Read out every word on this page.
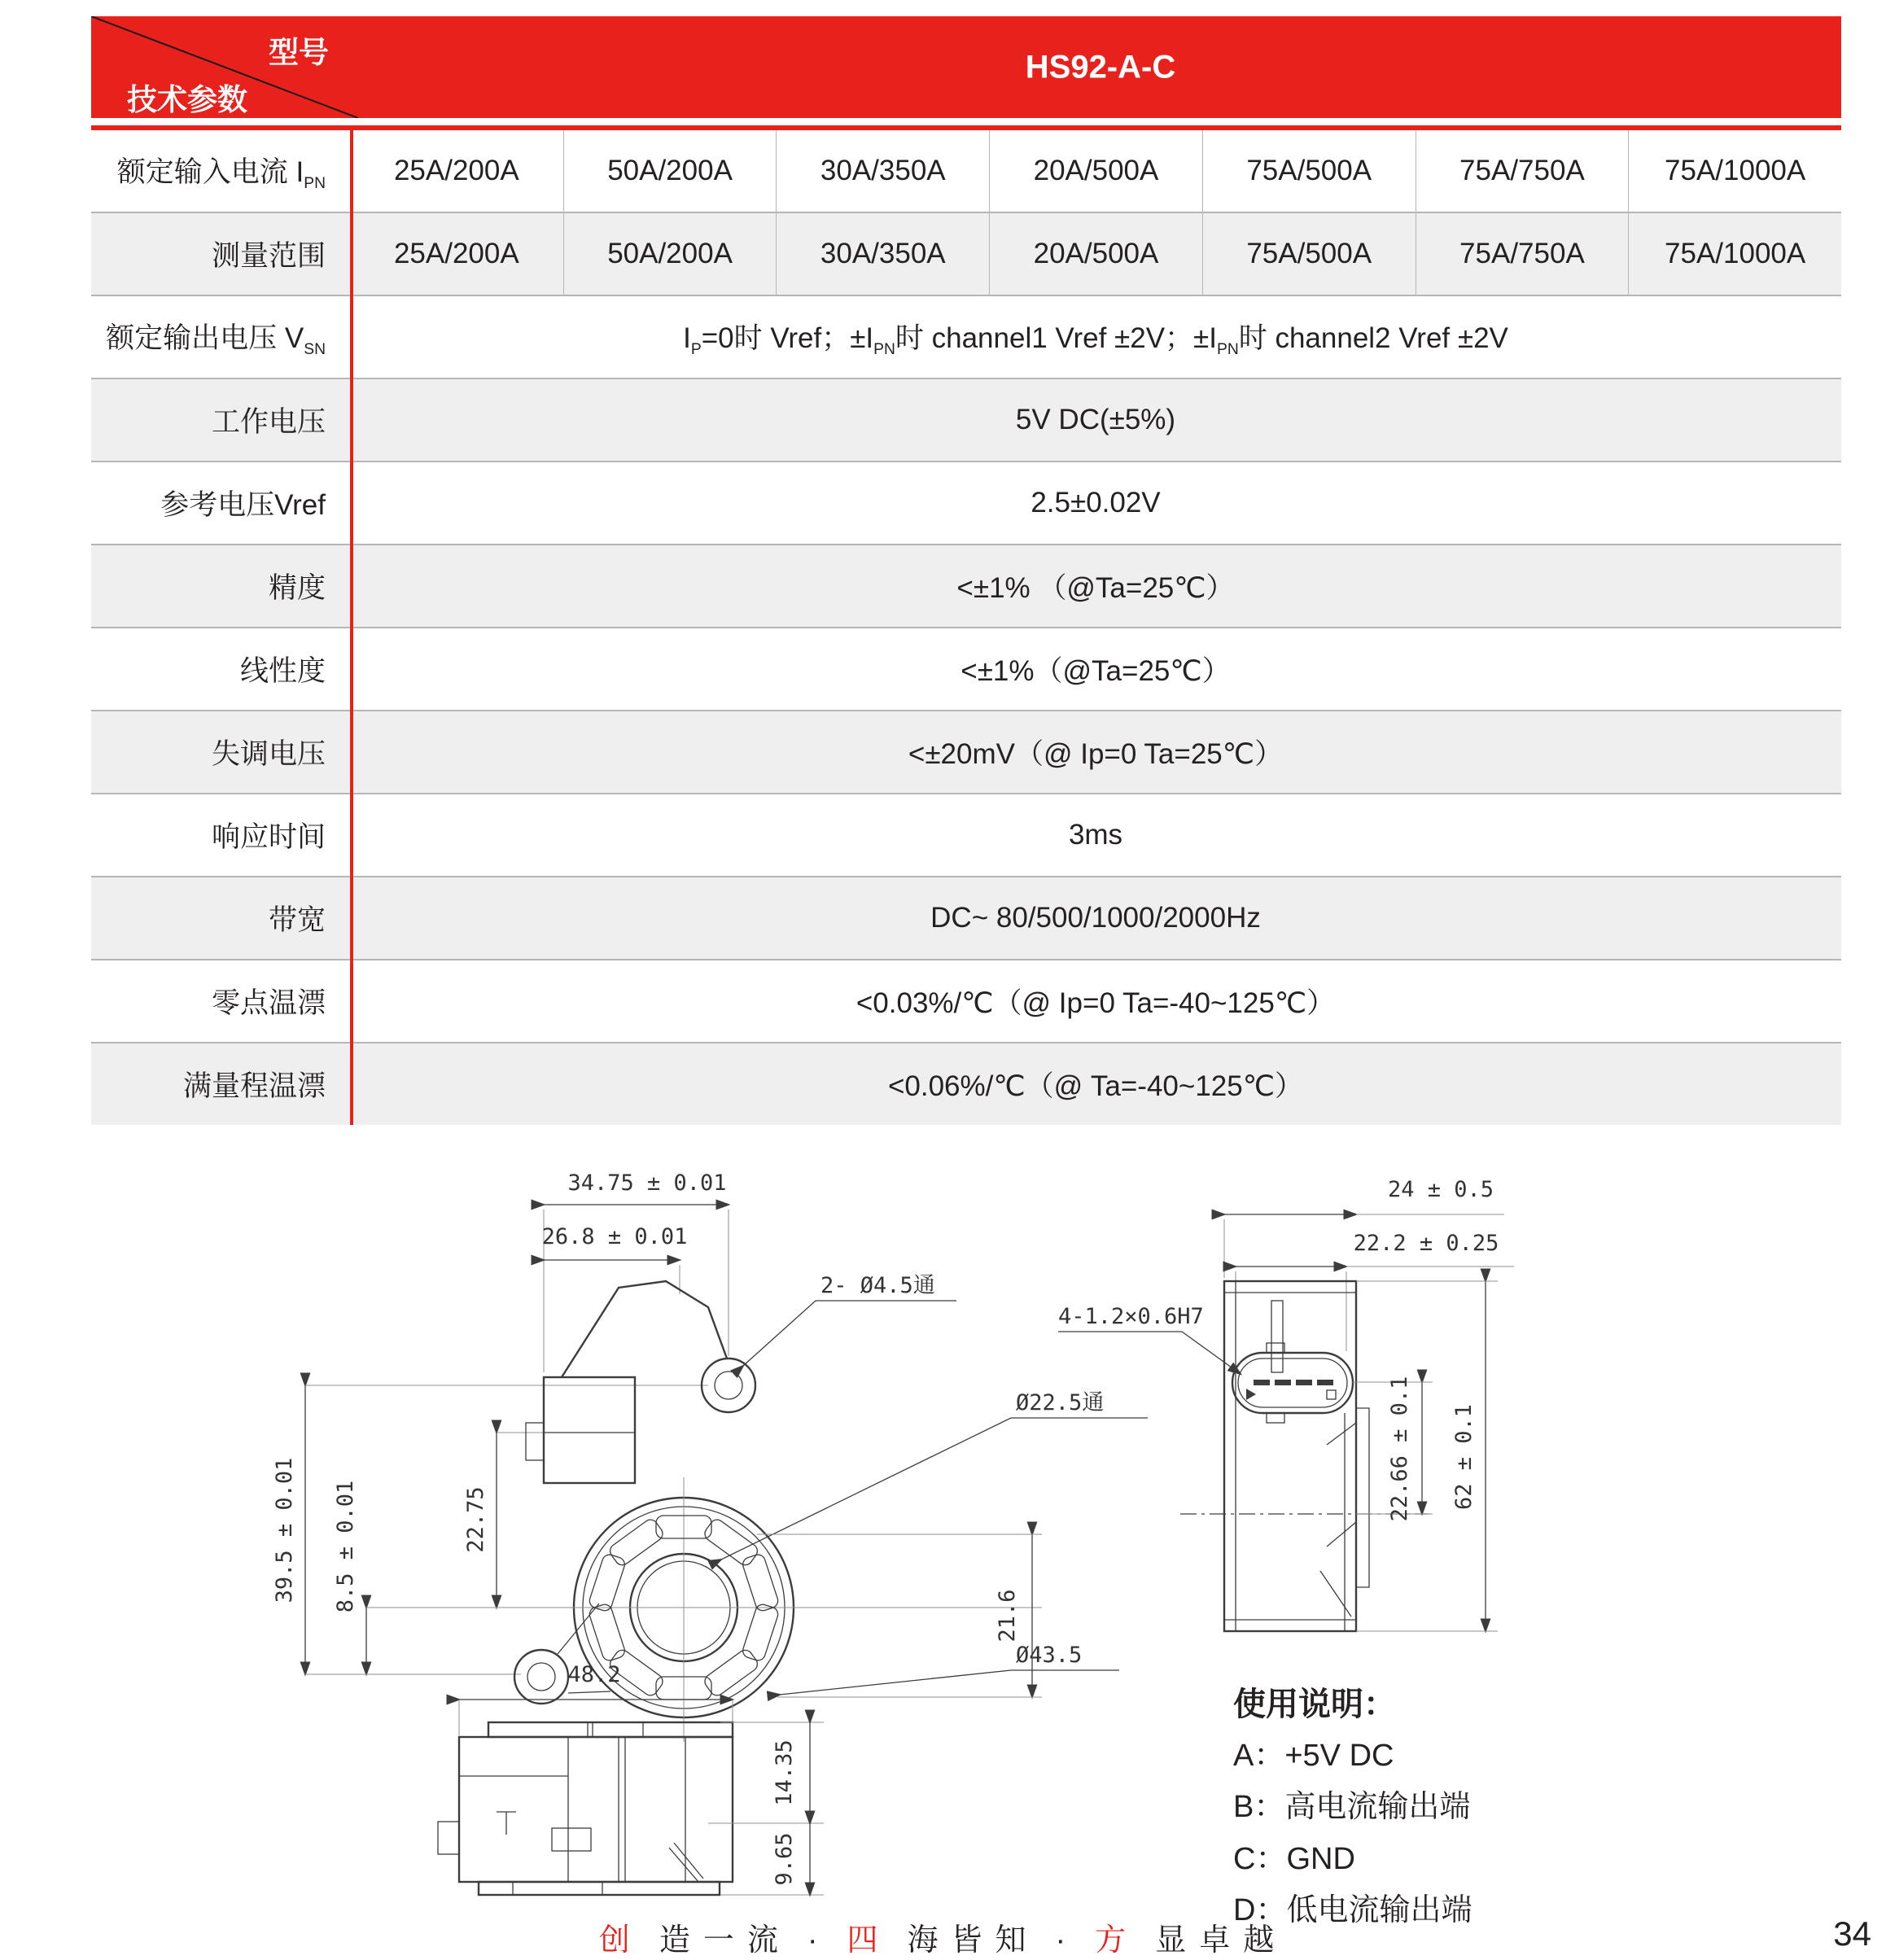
型号
技术参数
HS92-A-C
额定输入电流 $I_{PN}$	25A/200A	50A/200A	30A/350A	20A/500A	75A/500A	75A/750A	75A/1000A
测量范围	25A/200A	50A/200A	30A/350A	20A/500A	75A/500A	75A/750A	75A/1000A
额定输出电压 $V_{SN}$	$I_P=0$时 Vref；$\pm I_{PN}$时 channel1 Vref ±2V；$\pm I_{PN}$时 channel2 Vref ±2V
工作电压	5V DC(±5%)
参考电压Vref	2.5±0.02V
精度	<±1% （@Ta=25℃）
线性度	<±1%（@Ta=25℃）
失调电压	<±20mV（@ Ip=0 Ta=25℃）
响应时间	3ms
带宽	DC~ 80/500/1000/2000Hz
零点温漂	<0.03%/℃（@ Ip=0 Ta=-40~125℃）
满量程温漂	<0.06%/℃（@ Ta=-40~125℃）
34.75 ± 0.01
26.8 ± 0.01
39.5 ± 0.01 8.5 ± 0.01	22.75
2- Ø4.5通
Ø22.5通
Ø43.5
21.6
24 ± 0.5
22.2 ± 0.25
4-1.2×0.6H7
22.66 ± 0.1 62 ± 0.1
48.2
14.35
9.65
使用说明：
A：+5V DC
B：高电流输出端
C：GND
D：低电流输出端
创 造一流 · 四 海皆知 · 方 显卓越	34
